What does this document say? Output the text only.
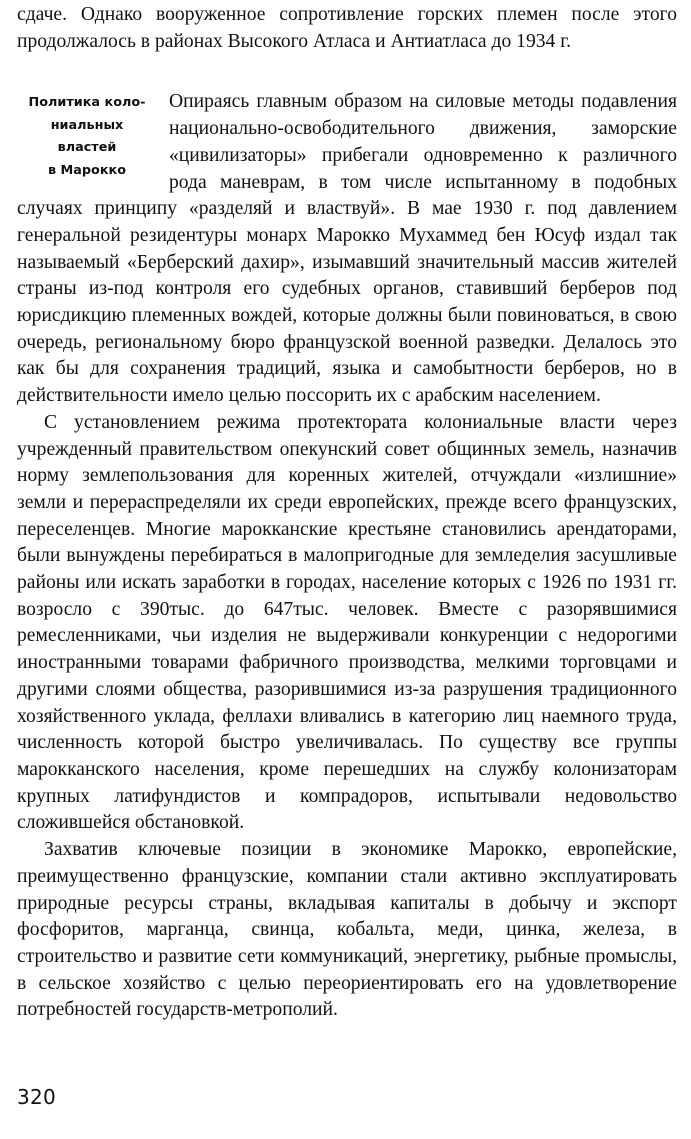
сдаче. Однако вооруженное сопротивление горских племен после этого продолжалось в районах Высокого Атласа и Антиатласа до 1934 г.

Политика коло-
ниальных
властей
в Марокко

Опираясь главным образом на силовые методы подавления национально-освободительного движения, заморские «цивилизаторы» прибегали одновременно к различного рода маневрам, в том числе испытанному в подобных случаях принципу «разделяй и властвуй». В мае 1930 г. под давлением генеральной резидентуры монарх Марокко Мухаммед бен Юсуф издал так называемый «Берберский дахир», изымавший значительный массив жителей страны из-под контроля его судебных органов, ставивший берберов под юрисдикцию племенных вождей, которые должны были повиноваться, в свою очередь, региональному бюро французской военной разведки. Делалось это как бы для сохранения традиций, языка и самобытности берберов, но в действительности имело целью поссорить их с арабским населением.

С установлением режима протектората колониальные власти через учрежденный правительством опекунский совет общинных земель, назначив норму землепользования для коренных жителей, отчуждали «излишние» земли и перераспределяли их среди европейских, прежде всего французских, переселенцев. Многие марокканские крестьяне становились арендаторами, были вынуждены перебираться в малопригодные для земледелия засушливые районы или искать заработки в городах, население которых с 1926 по 1931 гг. возросло с 390тыс. до 647тыс. человек. Вместе с разорявшимися ремесленниками, чьи изделия не выдерживали конкуренции с недорогими иностранными товарами фабричного производства, мелкими торговцами и другими слоями общества, разорившимися из-за разрушения традиционного хозяйственного уклада, феллахи вливались в категорию лиц наемного труда, численность которой быстро увеличивалась. По существу все группы марокканского населения, кроме перешедших на службу колонизаторам крупных латифундистов и компрадоров, испытывали недовольство сложившейся обстановкой.

Захватив ключевые позиции в экономике Марокко, европейские, преимущественно французские, компании стали активно эксплуатировать природные ресурсы страны, вкладывая капиталы в добычу и экспорт фосфоритов, марганца, свинца, кобальта, меди, цинка, железа, в строительство и развитие сети коммуникаций, энергетику, рыбные промыслы, в сельское хозяйство с целью переориентировать его на удовлетворение потребностей государств-метрополий.

320
